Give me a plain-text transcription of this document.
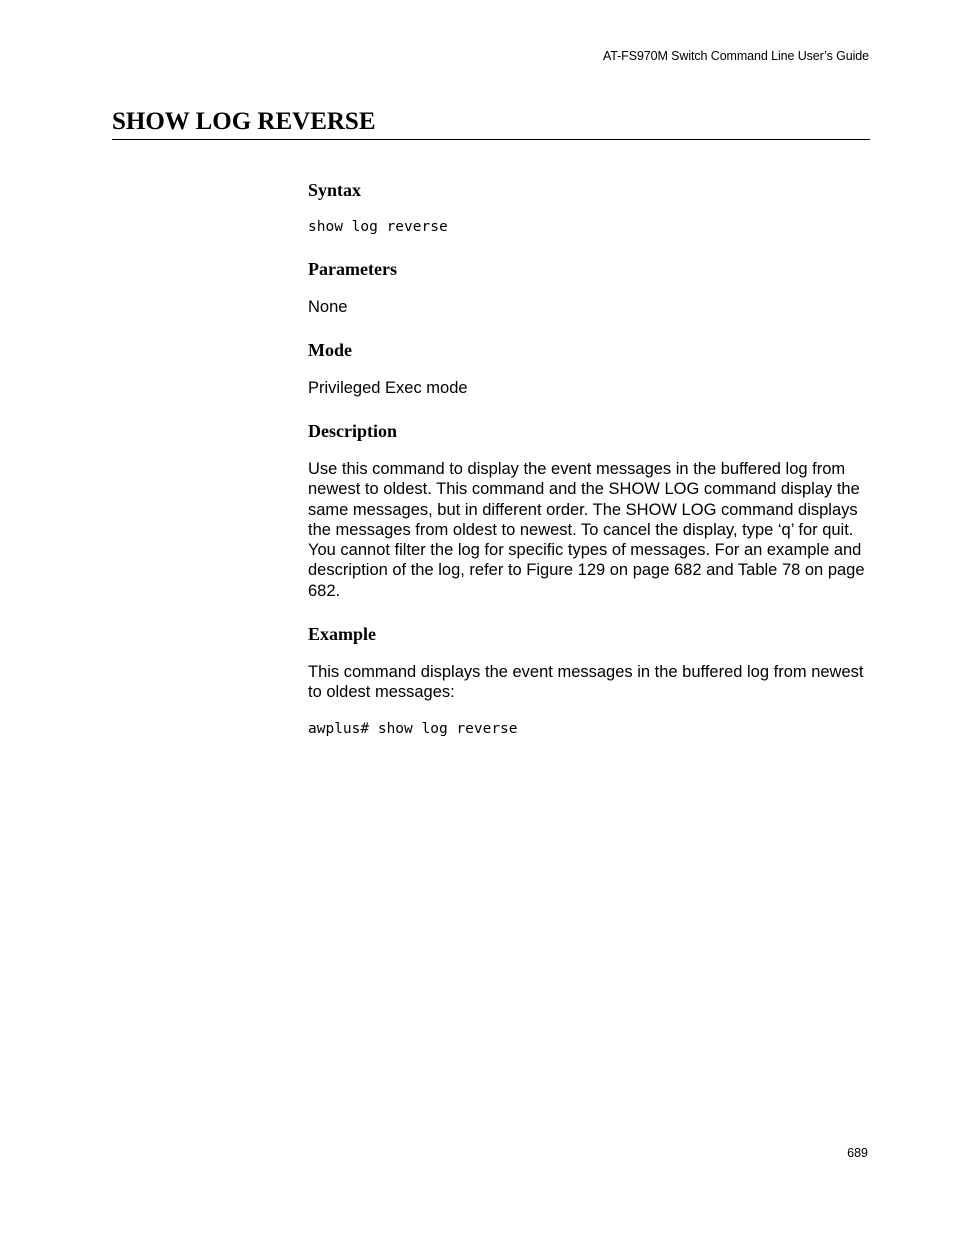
AT-FS970M Switch Command Line User’s Guide
SHOW LOG REVERSE
Syntax
show log reverse
Parameters

None

Mode

Privileged Exec mode

Description

Use this command to display the event messages in the buffered log from newest to oldest. This command and the SHOW LOG command display the same messages, but in different order. The SHOW LOG command displays the messages from oldest to newest. To cancel the display, type ‘q’ for quit. You cannot filter the log for specific types of messages. For an example and description of the log, refer to Figure 129 on page 682 and Table 78 on page 682.

Example

This command displays the event messages in the buffered log from newest to oldest messages:

awplus# show log reverse
689
